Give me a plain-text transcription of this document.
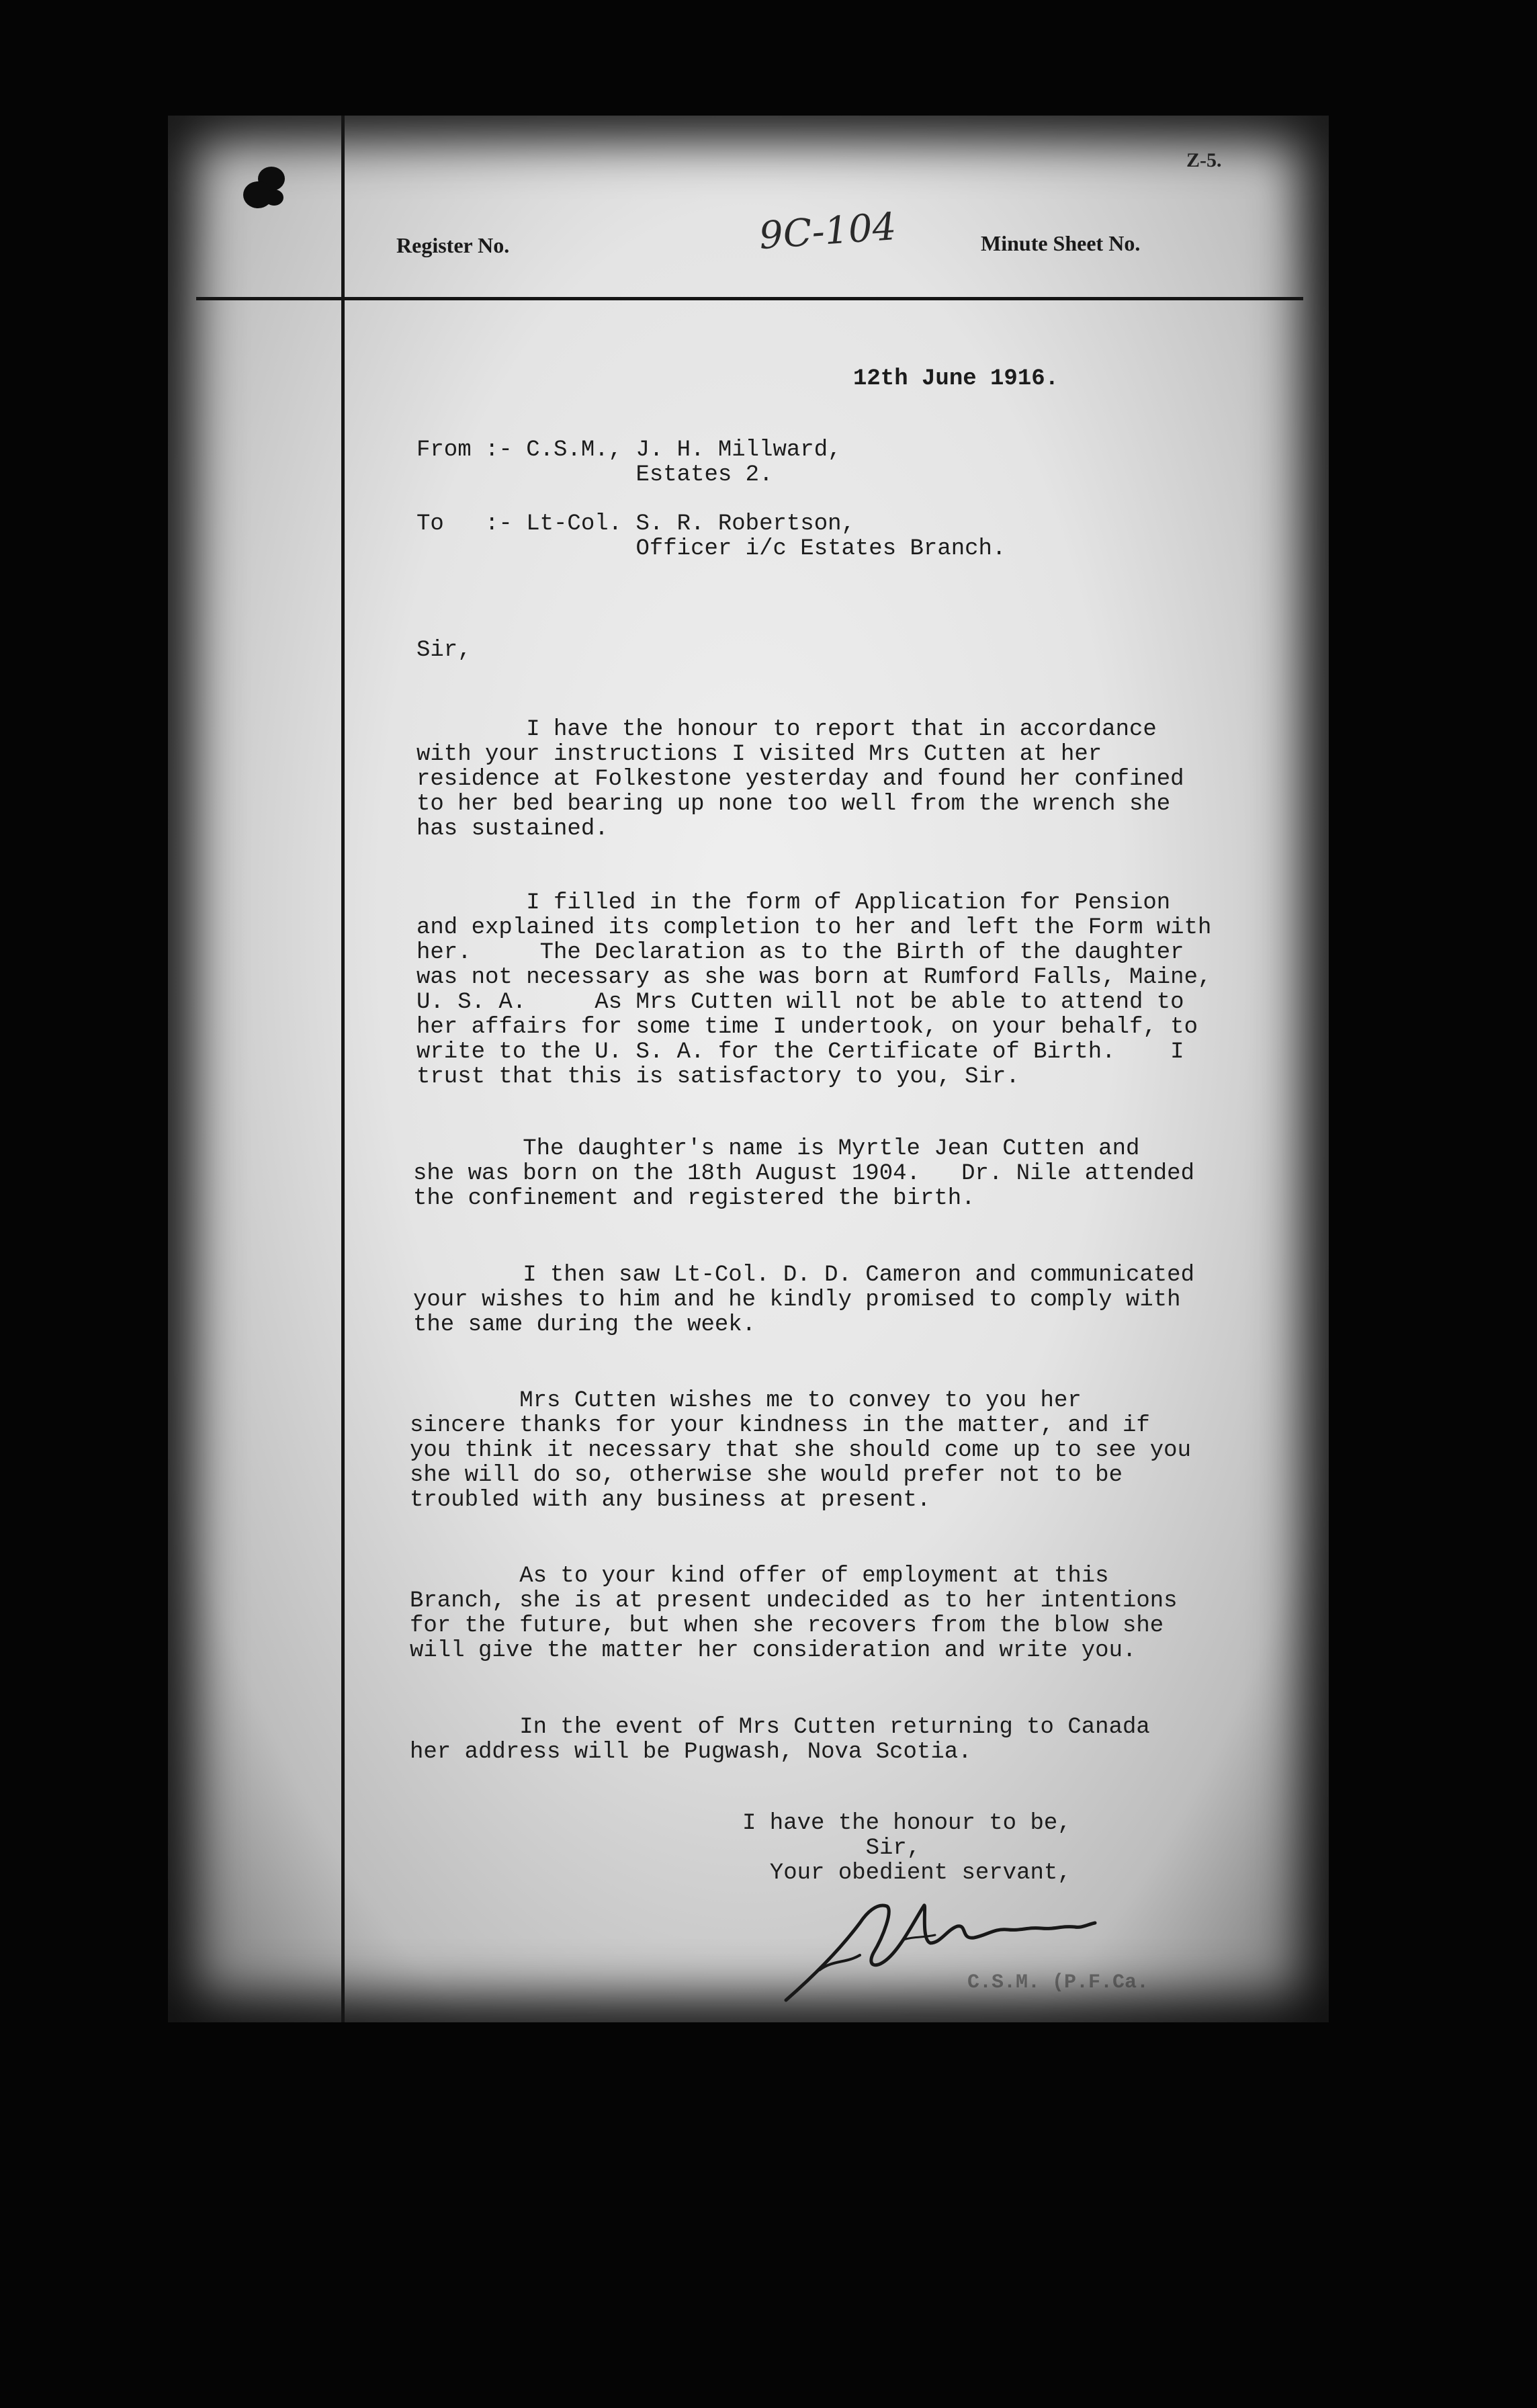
Z-5.
Register No.	9C-104	Minute Sheet No.
12th June 1916.
From :- C.S.M., J. H. Millward,
Estates 2.
To   :- Lt-Col. S. R. Robertson,
Officer i/c Estates Branch.
Sir,
I have the honour to report that in accordance
with your instructions I visited Mrs Cutten at her
residence at Folkestone yesterday and found her confined
to her bed bearing up none too well from the wrench she
has sustained.
I filled in the form of Application for Pension
and explained its completion to her and left the Form with
her.     The Declaration as to the Birth of the daughter
was not necessary as she was born at Rumford Falls, Maine,
U. S. A.     As Mrs Cutten will not be able to attend to
her affairs for some time I undertook, on your behalf, to
write to the U. S. A. for the Certificate of Birth.    I
trust that this is satisfactory to you, Sir.
The daughter's name is Myrtle Jean Cutten and
she was born on the 18th August 1904.   Dr. Nile attended
the confinement and registered the birth.
I then saw Lt-Col. D. D. Cameron and communicated
your wishes to him and he kindly promised to comply with
the same during the week.
Mrs Cutten wishes me to convey to you her
sincere thanks for your kindness in the matter, and if
you think it necessary that she should come up to see you
she will do so, otherwise she would prefer not to be
troubled with any business at present.
As to your kind offer of employment at this
Branch, she is at present undecided as to her intentions
for the future, but when she recovers from the blow she
will give the matter her consideration and write you.
In the event of Mrs Cutten returning to Canada
her address will be Pugwash, Nova Scotia.
I have the honour to be,
Sir,
Your obedient servant,
C.S.M. (P.F.Ca.
